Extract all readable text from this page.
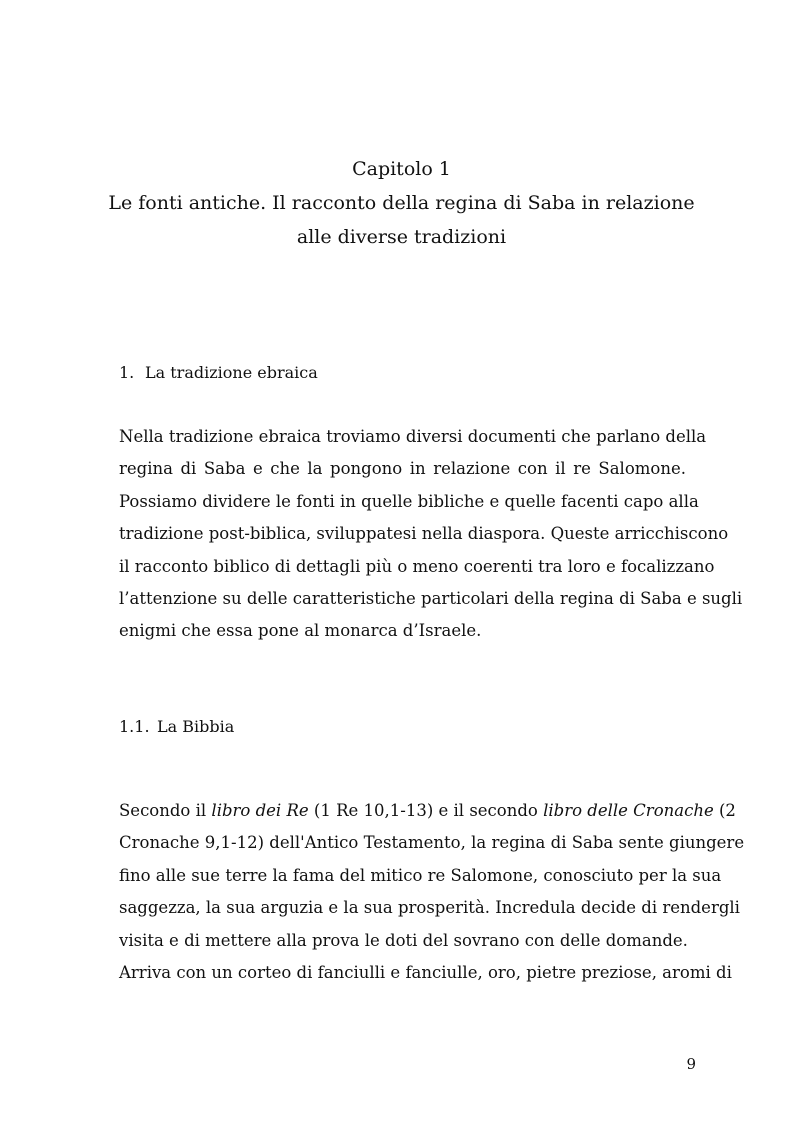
Capitolo 1
Le fonti antiche. Il racconto della regina di Saba in relazione
alle diverse tradizioni
1. La tradizione ebraica
Nella tradizione ebraica troviamo diversi documenti che parlano della
regina di Saba e che la pongono in relazione con il re Salomone.
Possiamo dividere le fonti in quelle bibliche e quelle facenti capo alla
tradizione post-biblica, sviluppatesi nella diaspora. Queste arricchiscono
il racconto biblico di dettagli più o meno coerenti tra loro e focalizzano
l’attenzione su delle caratteristiche particolari della regina di Saba e sugli
enigmi che essa pone al monarca d’Israele.
1.1. La Bibbia
Secondo il libro dei Re (1 Re 10,1-13) e il secondo libro delle Cronache (2
Cronache 9,1-12) dell'Antico Testamento, la regina di Saba sente giungere
fino alle sue terre la fama del mitico re Salomone, conosciuto per la sua
saggezza, la sua arguzia e la sua prosperità. Incredula decide di rendergli
visita e di mettere alla prova le doti del sovrano con delle domande.
Arriva con un corteo di fanciulli e fanciulle, oro, pietre preziose, aromi di
9
